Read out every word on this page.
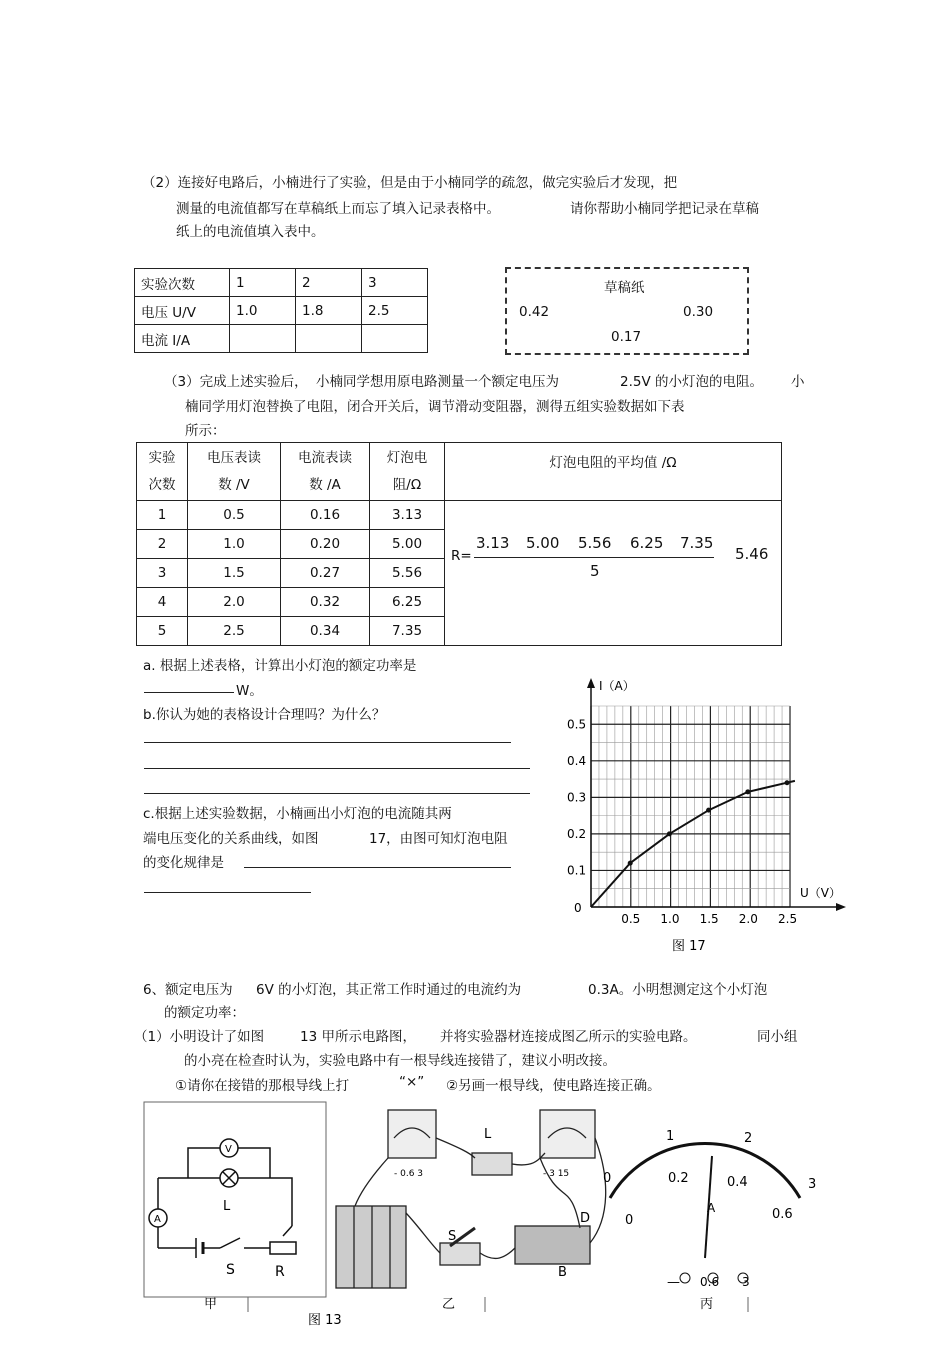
（2）连接好电路后，小楠进行了实验，但是由于小楠同学的疏忽，做完实验后才发现，把
测量的电流值都写在草稿纸上而忘了填入记录表格中。	请你帮助小楠同学把记录在草稿
纸上的电流值填入表中。
实验次数	1	2	3
电压 U/V	1.0	1.8	2.5
电流 I/A			
草稿纸
0.42	0.30
0.17
（3）完成上述实验后， 小楠同学想用原电路测量一个额定电压为	2.5V 的小灯泡的电阻。 小
楠同学用灯泡替换了电阻，闭合开关后，调节滑动变阻器，测得五组实验数据如下表
所示：
实验
次数	电压表读
数 /V	电流表读
数 /A	灯泡电
阻/Ω	灯泡电阻的平均值 /Ω
1	0.5	0.16	3.13	
2	1.0	0.20	5.00	
3	1.5	0.27	5.56	
4	2.0	0.32	6.25	
5	2.5	0.34	7.35	
R=
3.13 5.00 5.56 6.25 7.35
5
5.46
a. 根据上述表格，计算出小灯泡的额定功率是
W。
b.你认为她的表格设计合理吗？为什么？
c.根据上述实验数据，小楠画出小灯泡的电流随其两
端电压变化的关系曲线，如图	17，由图可知灯泡电阻
的变化规律是
0.5 1.0 1.5 2.0 2.5
0.1
0.2
0.3
0.4
0.5
I（A）
U（V）
0
图 17
6、额定电压为 6V 的小灯泡，其正常工作时通过的电流约为	0.3A。小明想测定这个小灯泡
的额定功率：
（1）小明设计了如图	13 甲所示电路图， 并将实验器材连接成图乙所示的实验电路。	同小组
的小亮在检查时认为，实验电路中有一根导线连接错了，建议小明改接。
①请你在接错的那根导线上打	“×” ②另画一根导线，使电路连接正确。
V
A
L
S	R
甲
- 0.6 3	- 3 15
L
S
B
D
乙
图 13
0
1	2
3
0
0.2	0.4
0.6
A
— 0.6 3
丙
